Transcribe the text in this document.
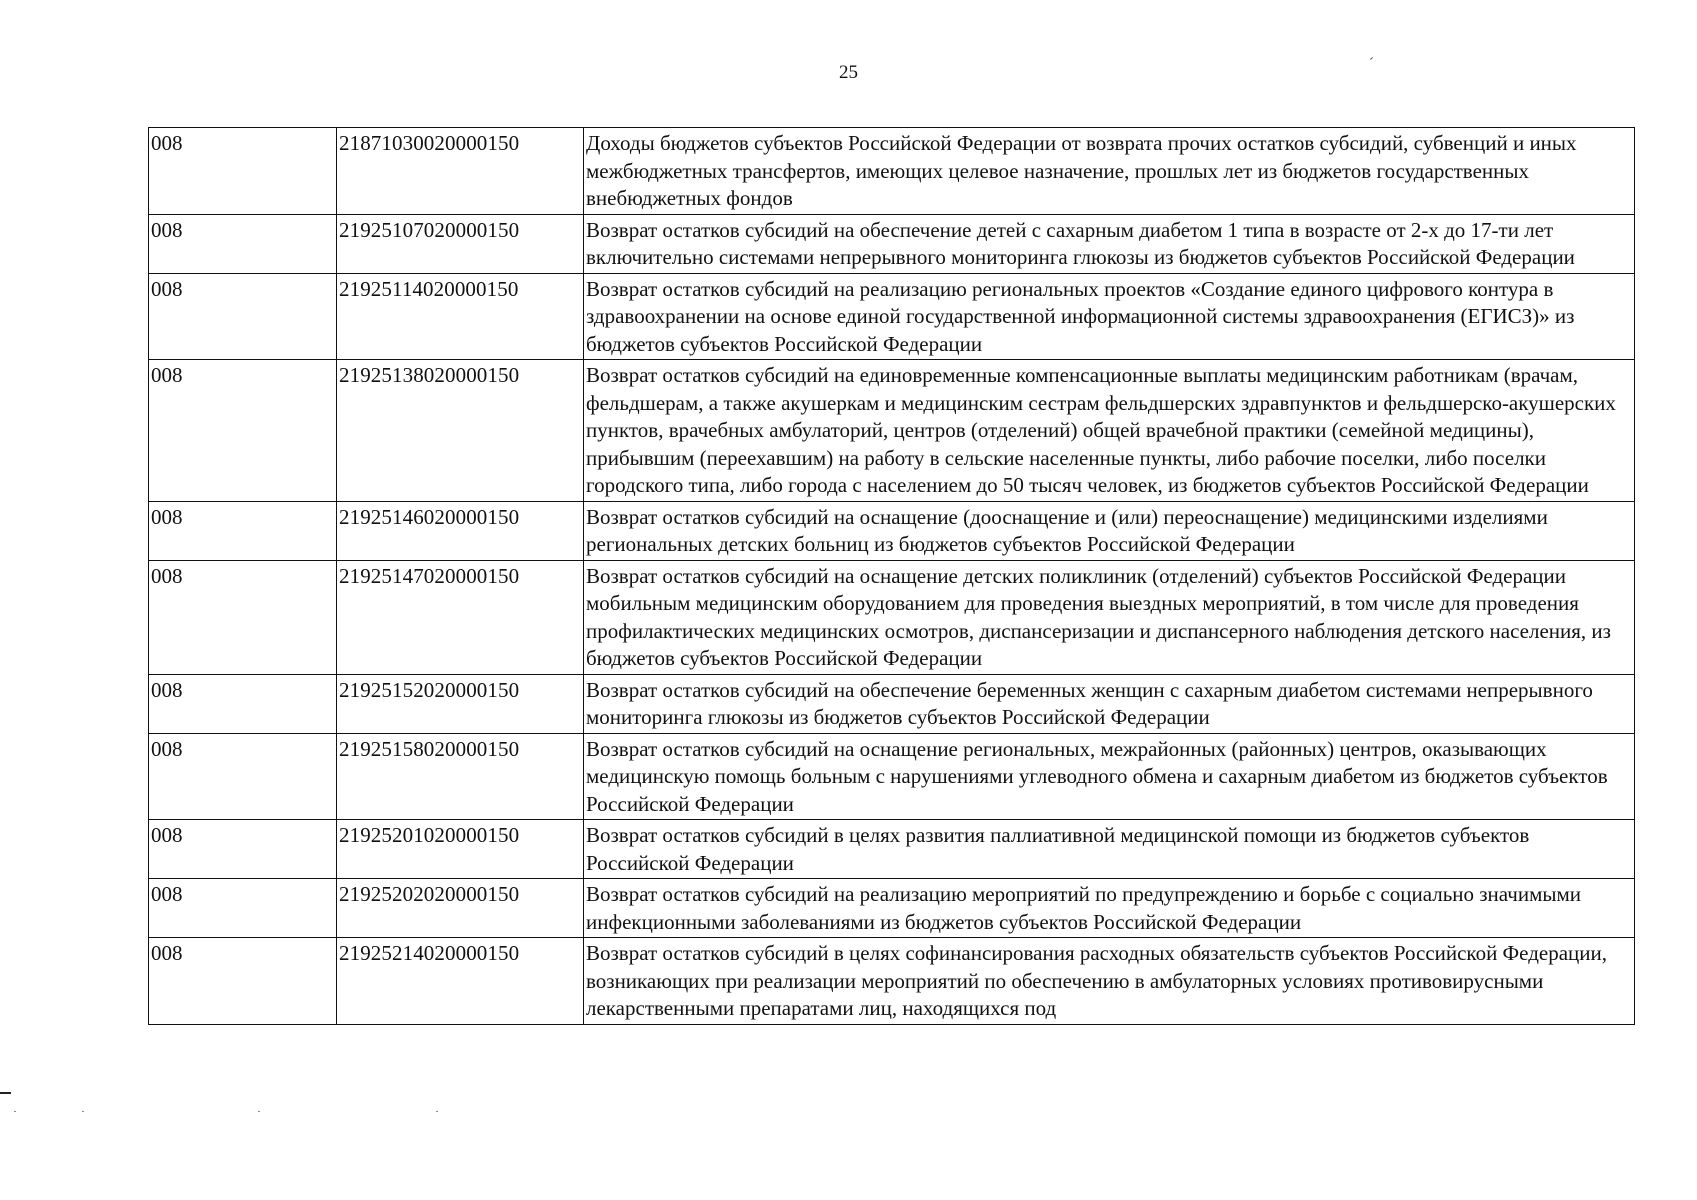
25
008	21871030020000150	Доходы бюджетов субъектов Российской Федерации от возврата прочих остатков субсидий, субвенций и иных межбюджетных трансфертов, имеющих целевое назначение, прошлых лет из бюджетов государственных внебюджетных фондов
008	21925107020000150	Возврат остатков субсидий на обеспечение детей с сахарным диабетом 1 типа в возрасте от 2-х до 17-ти лет включительно системами непрерывного мониторинга глюкозы из бюджетов субъектов Российской Федерации
008	21925114020000150	Возврат остатков субсидий на реализацию региональных проектов «Создание единого цифрового контура в здравоохранении на основе единой государственной информационной системы здравоохранения (ЕГИСЗ)» из бюджетов субъектов Российской Федерации
008	21925138020000150	Возврат остатков субсидий на единовременные компенсационные выплаты медицинским работникам (врачам, фельдшерам, а также акушеркам и медицинским сестрам фельдшерских здравпунктов и фельдшерско-акушерских пунктов, врачебных амбулаторий, центров (отделений) общей врачебной практики (семейной медицины), прибывшим (переехавшим) на работу в сельские населенные пункты, либо рабочие поселки, либо поселки городского типа, либо города с населением до 50 тысяч человек, из бюджетов субъектов Российской Федерации
008	21925146020000150	Возврат остатков субсидий на оснащение (дооснащение и (или) переоснащение) медицинскими изделиями региональных детских больниц из бюджетов субъектов Российской Федерации
008	21925147020000150	Возврат остатков субсидий на оснащение детских поликлиник (отделений) субъектов Российской Федерации мобильным медицинским оборудованием для проведения выездных мероприятий, в том числе для проведения профилактических медицинских осмотров, диспансеризации и диспансерного наблюдения детского населения, из бюджетов субъектов Российской Федерации
008	21925152020000150	Возврат остатков субсидий на обеспечение беременных женщин с сахарным диабетом системами непрерывного мониторинга глюкозы из бюджетов субъектов Российской Федерации
008	21925158020000150	Возврат остатков субсидий на оснащение региональных, межрайонных (районных) центров, оказывающих медицинскую помощь больным с нарушениями углеводного обмена и сахарным диабетом из бюджетов субъектов Российской Федерации
008	21925201020000150	Возврат остатков субсидий в целях развития паллиативной медицинской помощи из бюджетов субъектов Российской Федерации
008	21925202020000150	Возврат остатков субсидий на реализацию мероприятий по предупреждению и борьбе с социально значимыми инфекционными заболеваниями из бюджетов субъектов Российской Федерации
008	21925214020000150	Возврат остатков субсидий в целях софинансирования расходных обязательств субъектов Российской Федерации, возникающих при реализации мероприятий по обеспечению в амбулаторных условиях противовирусными лекарственными препаратами лиц, находящихся под
